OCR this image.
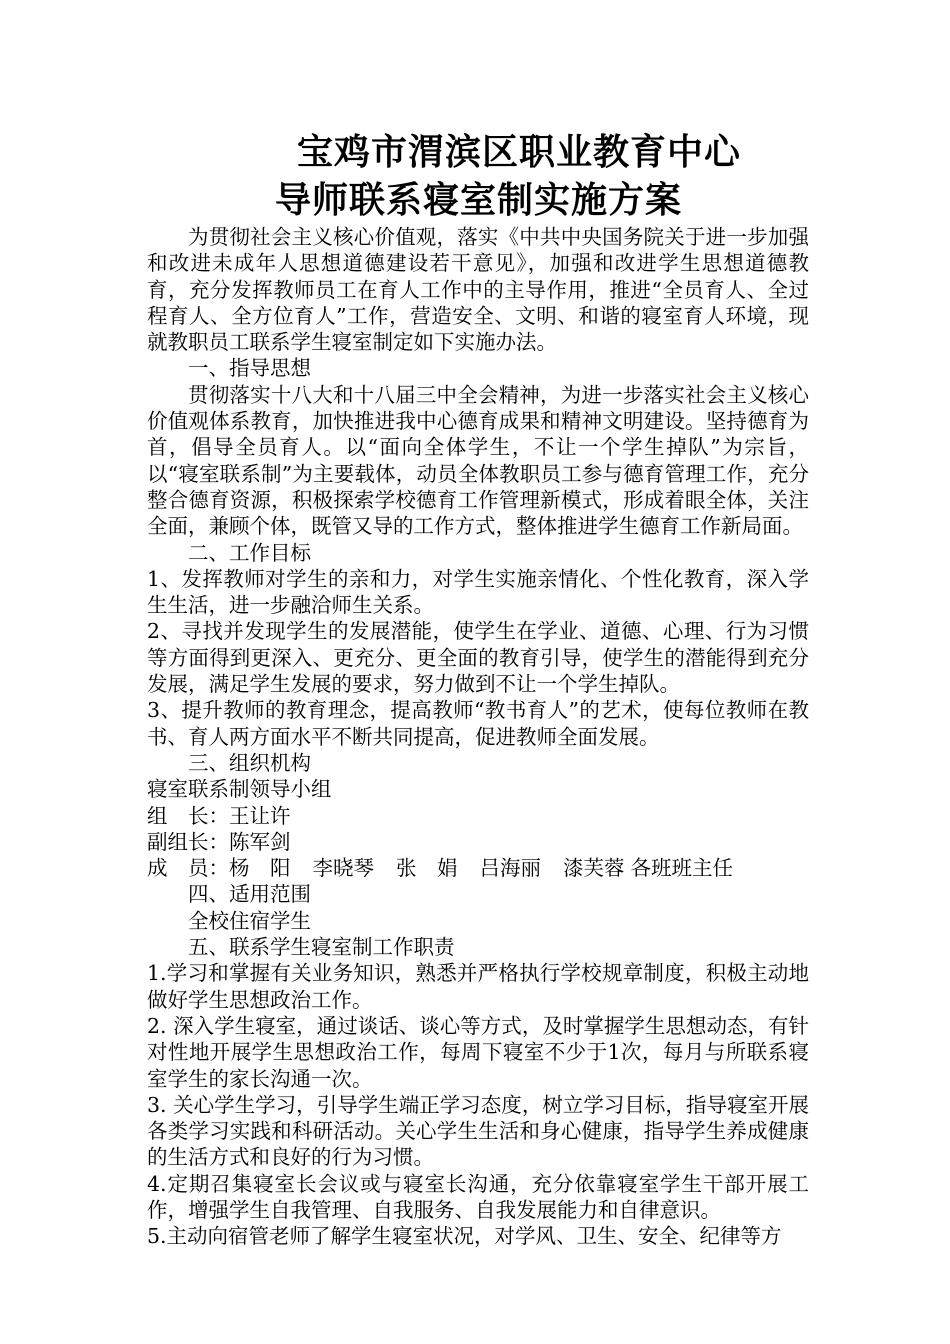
宝鸡市渭滨区职业教育中心
导师联系寝室制实施方案

为贯彻社会主义核心价值观，落实《中共中央国务院关于进一步加强和改进未成年人思想道德建设若干意见》，加强和改进学生思想道德教育，充分发挥教师员工在育人工作中的主导作用，推进“全员育人、全过程育人、全方位育人”工作，营造安全、文明、和谐的寝室育人环境，现就教职员工联系学生寝室制定如下实施办法。

一、指导思想

贯彻落实十八大和十八届三中全会精神，为进一步落实社会主义核心价值观体系教育，加快推进我中心德育成果和精神文明建设。坚持德育为首，倡导全员育人。以“面向全体学生，不让一个学生掉队”为宗旨，以“寝室联系制”为主要载体，动员全体教职员工参与德育管理工作，充分整合德育资源，积极探索学校德育工作管理新模式，形成着眼全体，关注全面，兼顾个体，既管又导的工作方式，整体推进学生德育工作新局面。

二、工作目标

1、发挥教师对学生的亲和力，对学生实施亲情化、个性化教育，深入学生生活，进一步融洽师生关系。

2、寻找并发现学生的发展潜能，使学生在学业、道德、心理、行为习惯等方面得到更深入、更充分、更全面的教育引导，使学生的潜能得到充分发展，满足学生发展的要求，努力做到不让一个学生掉队。

3、提升教师的教育理念，提高教师“教书育人”的艺术，使每位教师在教书、育人两方面水平不断共同提高，促进教师全面发展。

三、组织机构

寝室联系制领导小组

组　长：王让许

副组长：陈军剑

成　员：杨　阳 李晓琴 张　娟 吕海丽 漆芙蓉 各班班主任

四、适用范围

全校住宿学生

五、联系学生寝室制工作职责

1.学习和掌握有关业务知识，熟悉并严格执行学校规章制度，积极主动地做好学生思想政治工作。

2. 深入学生寝室，通过谈话、谈心等方式，及时掌握学生思想动态，有针对性地开展学生思想政治工作，每周下寝室不少于1次，每月与所联系寝室学生的家长沟通一次。

3. 关心学生学习，引导学生端正学习态度，树立学习目标，指导寝室开展各类学习实践和科研活动。关心学生生活和身心健康，指导学生养成健康的生活方式和良好的行为习惯。

4.定期召集寝室长会议或与寝室长沟通，充分依靠寝室学生干部开展工作，增强学生自我管理、自我服务、自我发展能力和自律意识。

5.主动向宿管老师了解学生寝室状况，对学风、卫生、安全、纪律等方
